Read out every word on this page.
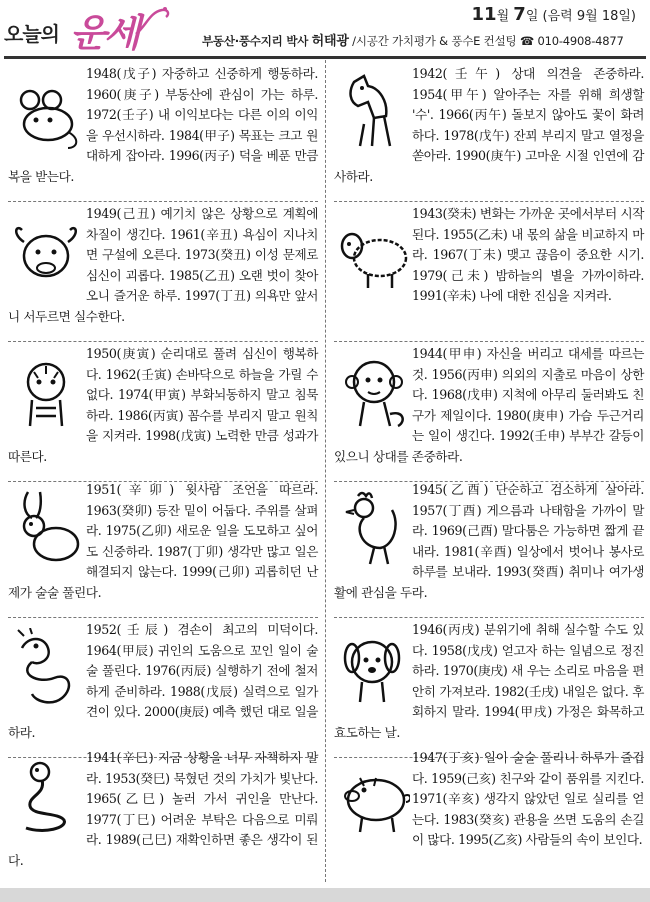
오늘의 운세	11월 7일 (음력 9월 18일)
부동산·풍수지리 박사 허태광 /시공간 가치평가 & 풍수E 컨설팅 ☎ 010-4908-4877

1948(戊子) 자중하고 신중하게 행동하라. 1960(庚子) 부동산에 관심이 가는 하루. 1972(壬子) 내 이익보다는 다른 이의 이익을 우선시하라. 1984(甲子) 목표는 크고 원대하게 잡아라. 1996(丙子) 덕을 베푼 만큼 복을 받는다.

1942(壬午) 상대 의견을 존중하라. 1954(甲午) 알아주는 자를 위해 희생할 '수'. 1966(丙午) 돌보지 않아도 꽃이 화려하다. 1978(戊午) 잔꾀 부리지 말고 열정을 쏟아라. 1990(庚午) 고마운 시절 인연에 감사하라.

1949(己丑) 예기치 않은 상황으로 계획에 차질이 생긴다. 1961(辛丑) 욕심이 지나치면 구설에 오른다. 1973(癸丑) 이성 문제로 심신이 괴롭다. 1985(乙丑) 오랜 벗이 찾아오니 즐거운 하루. 1997(丁丑) 의욕만 앞서니 서두르면 실수한다.

1943(癸未) 변화는 가까운 곳에서부터 시작된다. 1955(乙未) 내 몫의 삶을 비교하지 마라. 1967(丁未) 맺고 끊음이 중요한 시기. 1979(己未) 밤하늘의 별을 가까이하라. 1991(辛未) 나에 대한 진심을 지켜라.

1950(庚寅) 순리대로 풀려 심신이 행복하다. 1962(壬寅) 손바닥으로 하늘을 가릴 수 없다. 1974(甲寅) 부화뇌동하지 말고 침묵하라. 1986(丙寅) 꼼수를 부리지 말고 원칙을 지켜라. 1998(戊寅) 노력한 만큼 성과가 따른다.

1944(甲申) 자신을 버리고 대세를 따르는 것. 1956(丙申) 의외의 지출로 마음이 상한다. 1968(戊申) 지척에 아무리 둘러봐도 친구가 제일이다. 1980(庚申) 가슴 두근거리는 일이 생긴다. 1992(壬申) 부부간 갈등이 있으니 상대를 존중하라.

1951(辛卯) 윗사람 조언을 따르라. 1963(癸卯) 등잔 밑이 어둡다. 주위를 살펴라. 1975(乙卯) 새로운 일을 도모하고 싶어도 신중하라. 1987(丁卯) 생각만 많고 일은 해결되지 않는다. 1999(己卯) 괴롭히던 난제가 술술 풀린다.

1945(乙酉) 단순하고 검소하게 살아라. 1957(丁酉) 게으름과 나태함을 가까이 말라. 1969(己酉) 말다툼은 가능하면 짧게 끝내라. 1981(辛酉) 일상에서 벗어나 봉사로 하루를 보내라. 1993(癸酉) 취미나 여가생활에 관심을 두라.

1952(壬辰) 겸손이 최고의 미덕이다. 1964(甲辰) 귀인의 도움으로 꼬인 일이 술술 풀린다. 1976(丙辰) 실행하기 전에 철저하게 준비하라. 1988(戊辰) 실력으로 일가견이 있다. 2000(庚辰) 예측 했던 대로 일을 하라.

1946(丙戌) 분위기에 취해 실수할 수도 있다. 1958(戊戌) 얻고자 하는 일념으로 정진하라. 1970(庚戌) 새 우는 소리로 마음을 편안히 가져보라. 1982(壬戌) 내일은 없다. 후회하지 말라. 1994(甲戌) 가정은 화목하고 효도하는 날.

1941(辛巳) 지금 상황을 너무 자책하지 말라. 1953(癸巳) 묵혔던 것의 가치가 빛난다. 1965(乙巳) 놀러 가서 귀인을 만난다. 1977(丁巳) 어려운 부탁은 다음으로 미뤄라. 1989(己巳) 재확인하면 좋은 생각이 된다.

1947(丁亥) 일이 술술 풀리니 하루가 즐겁다. 1959(己亥) 친구와 같이 품위를 지킨다. 1971(辛亥) 생각지 않았던 일로 실리를 얻는다. 1983(癸亥) 관용을 쓰면 도움의 손길이 많다. 1995(乙亥) 사람들의 속이 보인다.
